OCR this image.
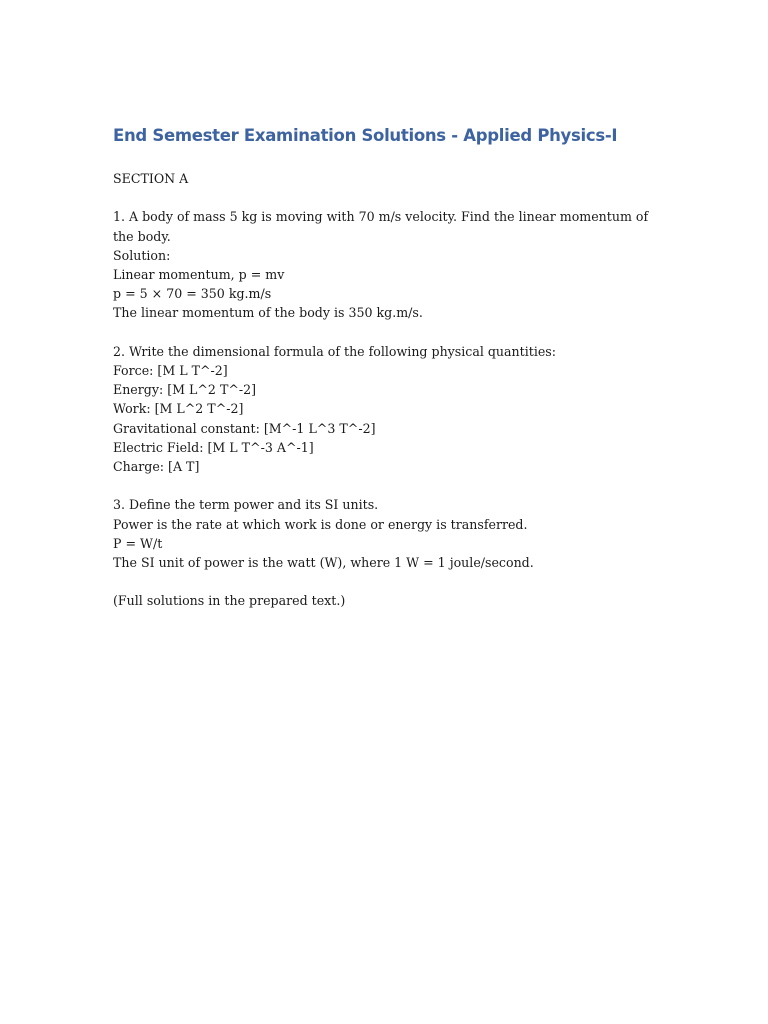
End Semester Examination Solutions - Applied Physics-I

SECTION A

1. A body of mass 5 kg is moving with 70 m/s velocity. Find the linear momentum of the body.
Solution:
Linear momentum, p = mv
p = 5 × 70 = 350 kg.m/s
The linear momentum of the body is 350 kg.m/s.

2. Write the dimensional formula of the following physical quantities:
Force: [M L T^-2]
Energy: [M L^2 T^-2]
Work: [M L^2 T^-2]
Gravitational constant: [M^-1 L^3 T^-2]
Electric Field: [M L T^-3 A^-1]
Charge: [A T]

3. Define the term power and its SI units.
Power is the rate at which work is done or energy is transferred.
P = W/t
The SI unit of power is the watt (W), where 1 W = 1 joule/second.

(Full solutions in the prepared text.)
